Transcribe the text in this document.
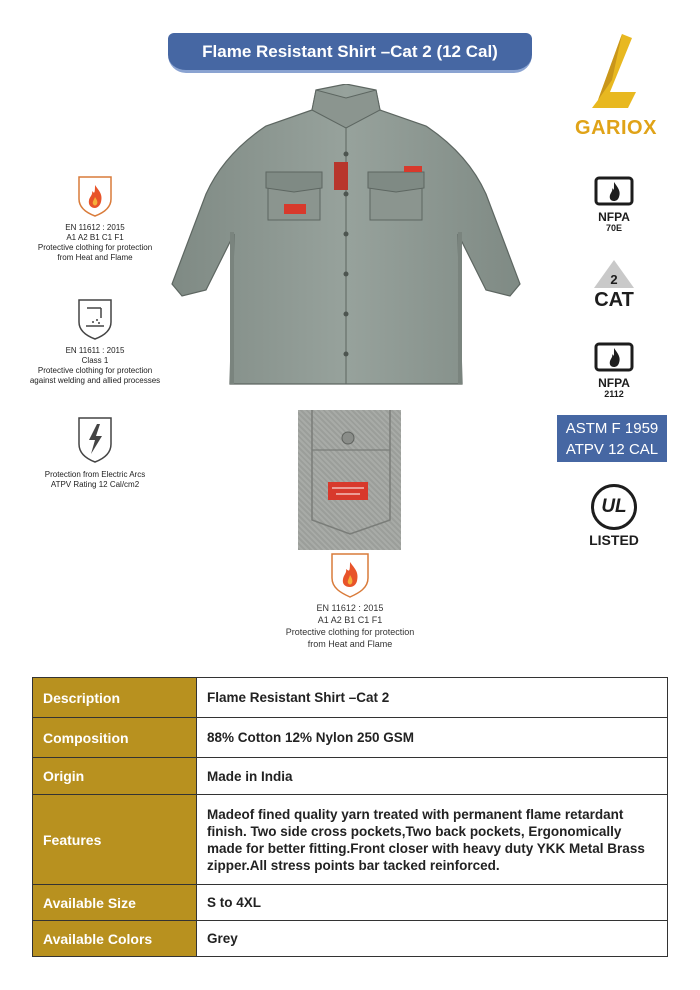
Flame Resistant Shirt –Cat 2 (12 Cal)
GARIOX
EN 11612 : 2015
A1 A2 B1 C1 F1
Protective clothing for protection
from Heat and Flame
EN 11611 : 2015
Class 1
Protective clothing for protection
against welding and allied processes
Protection from Electric Arcs
ATPV Rating 12 Cal/cm2
NFPA
70E
2
CAT
NFPA
2112
ASTM F 1959
ATPV 12 CAL
UL
LISTED
EN 11612 : 2015
A1 A2 B1 C1 F1
Protective clothing for protection
from Heat and Flame
Description	Flame Resistant Shirt –Cat 2
Composition	88% Cotton 12% Nylon 250 GSM
Origin	Made in India
Features	Madeof fined quality yarn treated with permanent flame retardant finish. Two side cross pockets,Two back pockets, Ergonomically made for better fitting.Front closer with heavy duty YKK Metal Brass zipper.All stress points bar tacked reinforced.
Available Size	S to 4XL
Available Colors	Grey
